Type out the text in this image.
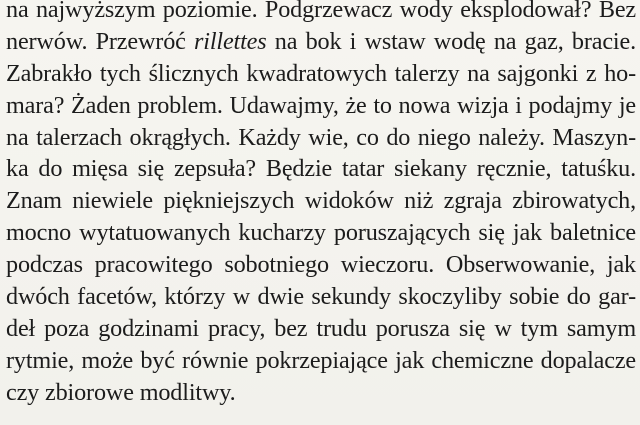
na najwyższym poziomie. Podgrzewacz wody eksplodował? Bez
nerwów. Przewróć rillettes na bok i wstaw wodę na gaz, bracie.
Zabrakło tych ślicznych kwadratowych talerzy na sajgonki z ho-
mara? Żaden problem. Udawajmy, że to nowa wizja i podajmy je
na talerzach okrągłych. Każdy wie, co do niego należy. Maszyn-
ka do mięsa się zepsuła? Będzie tatar siekany ręcznie, tatuśku.
Znam niewiele piękniejszych widoków niż zgraja zbirowatych,
mocno wytatuowanych kucharzy poruszających się jak baletnice
podczas pracowitego sobotniego wieczoru. Obserwowanie, jak
dwóch facetów, którzy w dwie sekundy skoczyliby sobie do gar-
deł poza godzinami pracy, bez trudu porusza się w tym samym
rytmie, może być równie pokrzepiające jak chemiczne dopalacze
czy zbiorowe modlitwy.
